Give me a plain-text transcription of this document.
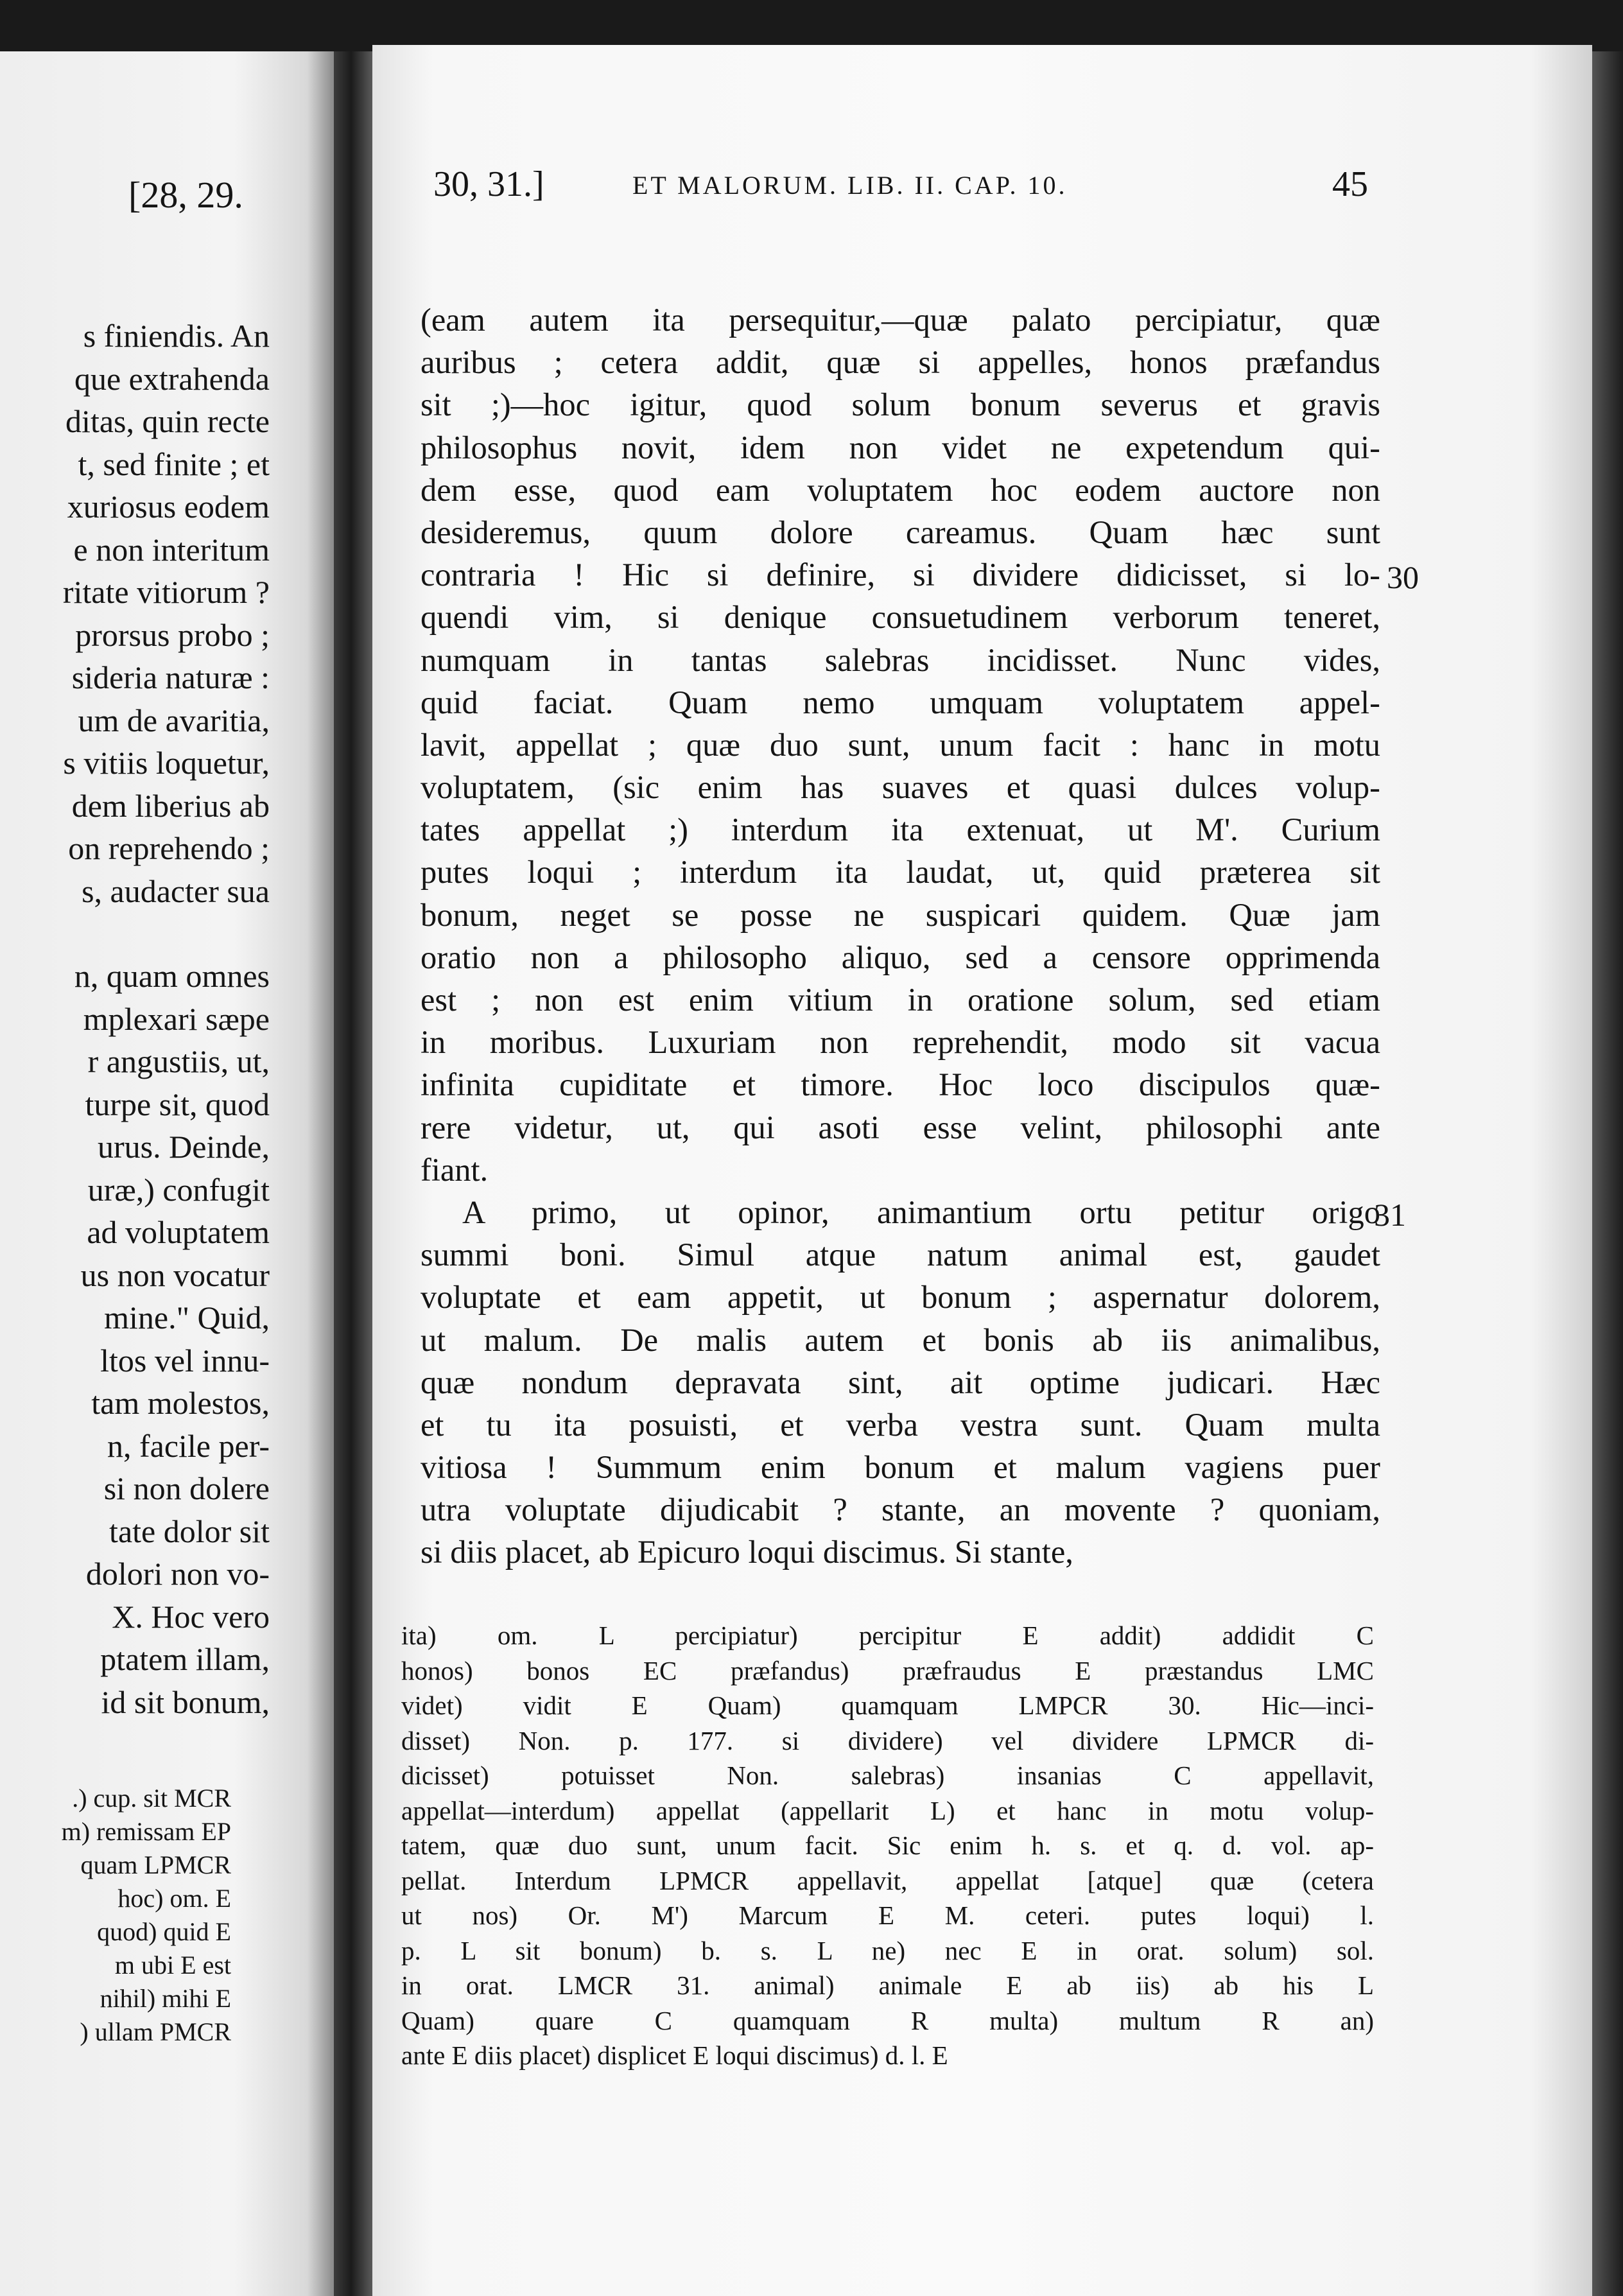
[28, 29.
s finiendis. An
que extrahenda
ditas, quin recte
t, sed finite ; et
xuriosus eodem
e non interitum
ritate vitiorum ?
prorsus probo ;
sideria naturæ :
um de avaritia,
s vitiis loquetur,
dem liberius ab
on reprehendo ;
s, audacter sua
n, quam omnes
mplexari sæpe
r angustiis, ut,
turpe sit, quod
urus. Deinde,
uræ,) confugit
ad voluptatem
us non vocatur
mine." Quid,
ltos vel innu-
tam molestos,
n, facile per-
si non dolere
tate dolor sit
dolori non vo-
X. Hoc vero
ptatem illam,
id sit bonum,
.) cup. sit MCR
m) remissam EP
quam LPMCR
hoc) om. E
quod) quid E
m ubi E est
nihil) mihi E
) ullam PMCR
30, 31.]	ET MALORUM. LIB. II. CAP. 10.	45
(eam autem ita persequitur,—quæ palato percipiatur, quæ
auribus ; cetera addit, quæ si appelles, honos præfandus
sit ;)—hoc igitur, quod solum bonum severus et gravis
philosophus novit, idem non videt ne expetendum qui-
dem esse, quod eam voluptatem hoc eodem auctore non
desideremus, quum dolore careamus. Quam hæc sunt
contraria ! Hic si definire, si dividere didicisset, si lo-
quendi vim, si denique consuetudinem verborum teneret,
numquam in tantas salebras incidisset. Nunc vides,
quid faciat. Quam nemo umquam voluptatem appel-
lavit, appellat ; quæ duo sunt, unum facit : hanc in motu
voluptatem, (sic enim has suaves et quasi dulces volup-
tates appellat ;) interdum ita extenuat, ut M'. Curium
putes loqui ; interdum ita laudat, ut, quid præterea sit
bonum, neget se posse ne suspicari quidem. Quæ jam
oratio non a philosopho aliquo, sed a censore opprimenda
est ; non est enim vitium in oratione solum, sed etiam
in moribus. Luxuriam non reprehendit, modo sit vacua
infinita cupiditate et timore. Hoc loco discipulos quæ-
rere videtur, ut, qui asoti esse velint, philosophi ante
fiant.
A primo, ut opinor, animantium ortu petitur origo
summi boni. Simul atque natum animal est, gaudet
voluptate et eam appetit, ut bonum ; aspernatur dolorem,
ut malum. De malis autem et bonis ab iis animalibus,
quæ nondum depravata sint, ait optime judicari. Hæc
et tu ita posuisti, et verba vestra sunt. Quam multa
vitiosa ! Summum enim bonum et malum vagiens puer
utra voluptate dijudicabit ? stante, an movente ? quoniam,
si diis placet, ab Epicuro loqui discimus. Si stante,
30
31
ita) om. L percipiatur) percipitur E addit) addidit C
honos) bonos EC præfandus) præfraudus E præstandus LMC
videt) vidit E Quam) quamquam LMPCR 30. Hic—inci-
disset) Non. p. 177. si dividere) vel dividere LPMCR di-
dicisset) potuisset Non. salebras) insanias C appellavit,
appellat—interdum) appellat (appellarit L) et hanc in motu volup-
tatem, quæ duo sunt, unum facit. Sic enim h. s. et q. d. vol. ap-
pellat. Interdum LPMCR appellavit, appellat [atque] quæ (cetera
ut nos) Or. M') Marcum E M. ceteri. putes loqui) l.
p. L sit bonum) b. s. L ne) nec E in orat. solum) sol.
in orat. LMCR 31. animal) animale E ab iis) ab his L
Quam) quare C quamquam R multa) multum R an)
ante E diis placet) displicet E loqui discimus) d. l. E
